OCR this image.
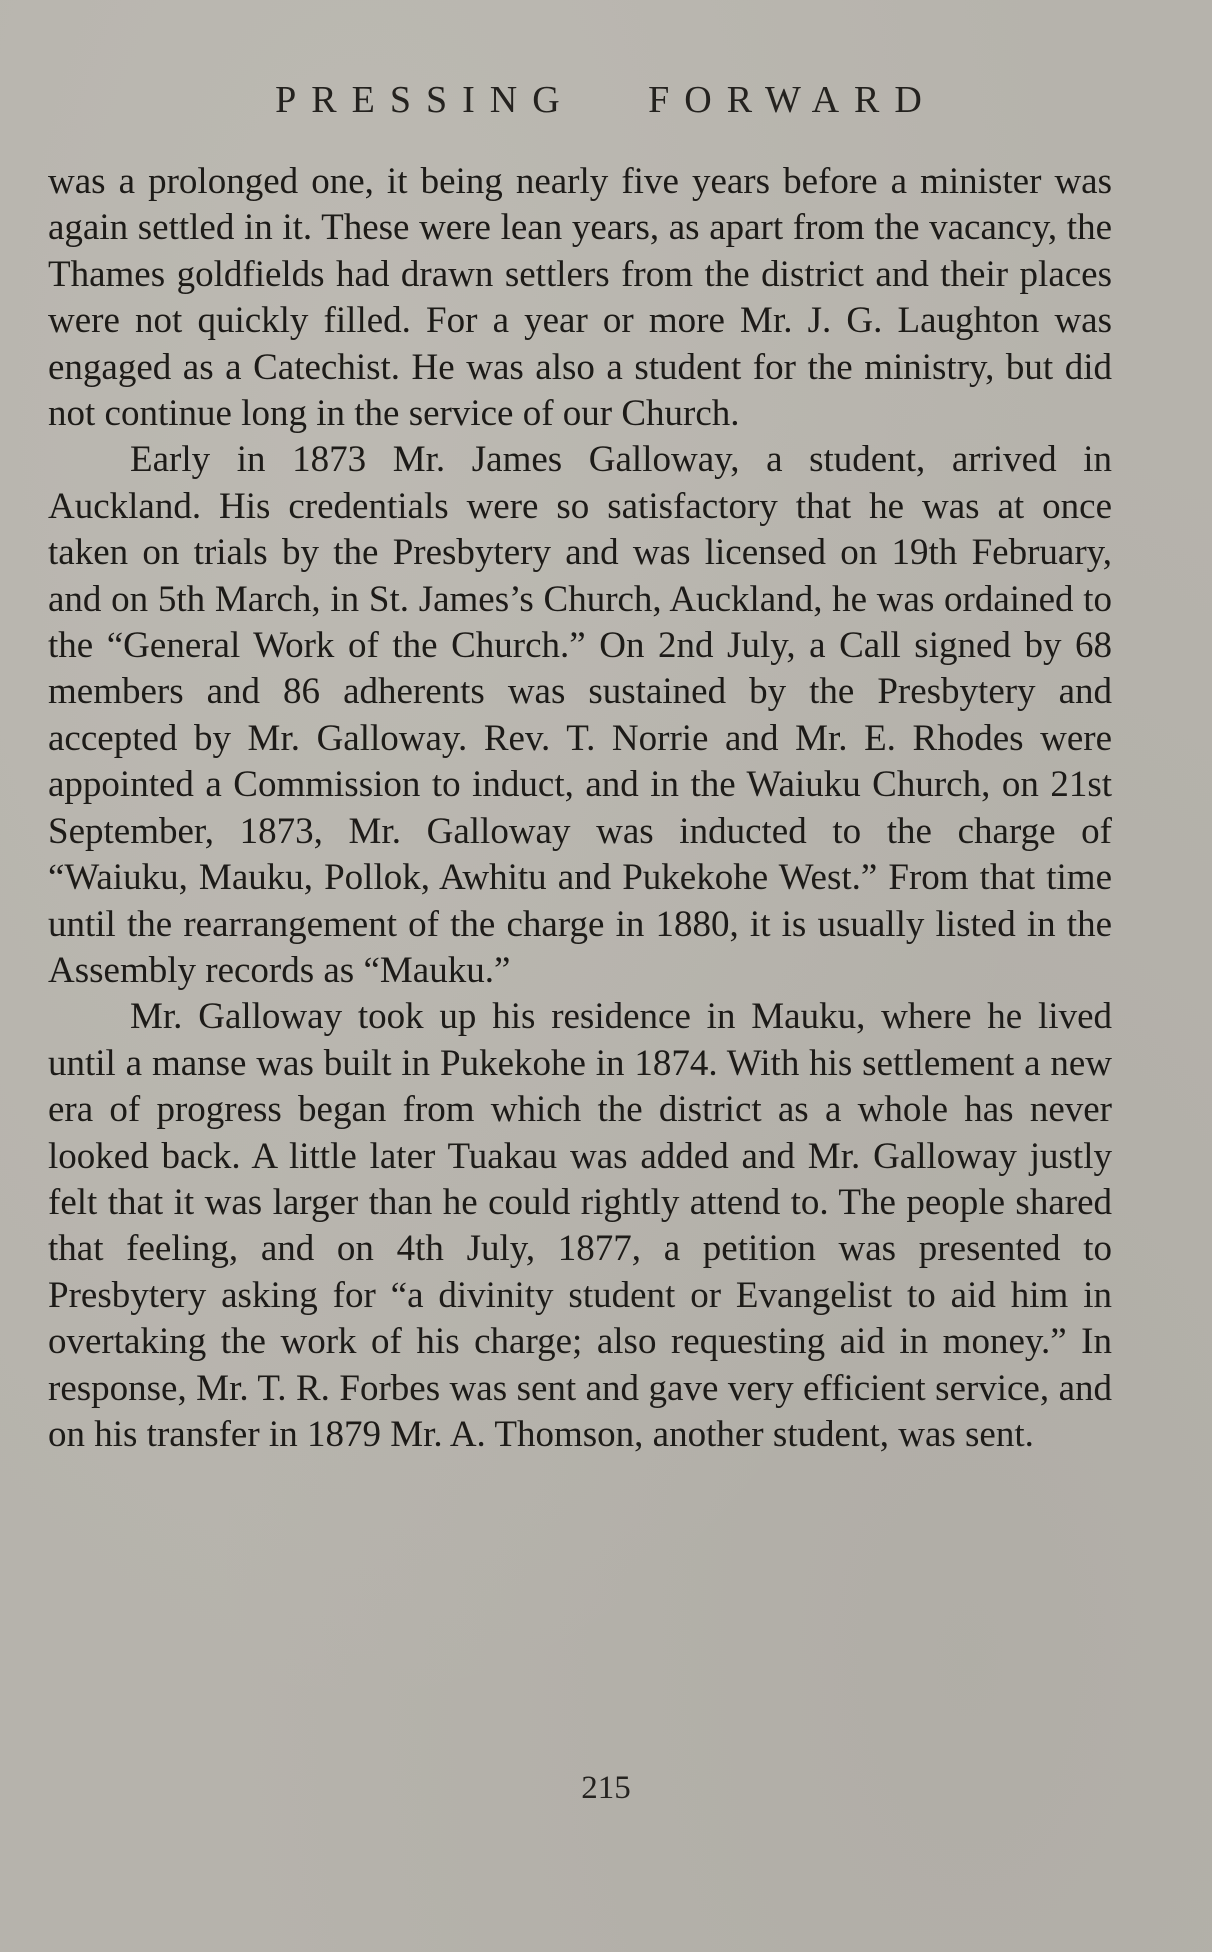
PRESSING   FORWARD

was a prolonged one, it being nearly five years before a minister was again settled in it. These were lean years, as apart from the vacancy, the Thames goldfields had drawn settlers from the district and their places were not quickly filled. For a year or more Mr. J. G. Laughton was engaged as a Catechist. He was also a student for the ministry, but did not continue long in the service of our Church.

Early in 1873 Mr. James Galloway, a student, arrived in Auckland. His credentials were so satisfactory that he was at once taken on trials by the Presbytery and was licensed on 19th February, and on 5th March, in St. James’s Church, Auckland, he was ordained to the “General Work of the Church.” On 2nd July, a Call signed by 68 members and 86 adherents was sustained by the Presbytery and accepted by Mr. Galloway. Rev. T. Norrie and Mr. E. Rhodes were appointed a Commission to induct, and in the Waiuku Church, on 21st September, 1873, Mr. Galloway was inducted to the charge of “Waiuku, Mauku, Pollok, Awhitu and Pukekohe West.” From that time until the rearrangement of the charge in 1880, it is usually listed in the Assembly records as “Mauku.”

Mr. Galloway took up his residence in Mauku, where he lived until a manse was built in Pukekohe in 1874. With his settlement a new era of progress began from which the district as a whole has never looked back. A little later Tuakau was added and Mr. Galloway justly felt that it was larger than he could rightly attend to. The people shared that feeling, and on 4th July, 1877, a petition was presented to Presbytery asking for “a divinity student or Evangelist to aid him in overtaking the work of his charge; also requesting aid in money.” In response, Mr. T. R. Forbes was sent and gave very efficient service, and on his transfer in 1879 Mr. A. Thomson, another student, was sent.

215
